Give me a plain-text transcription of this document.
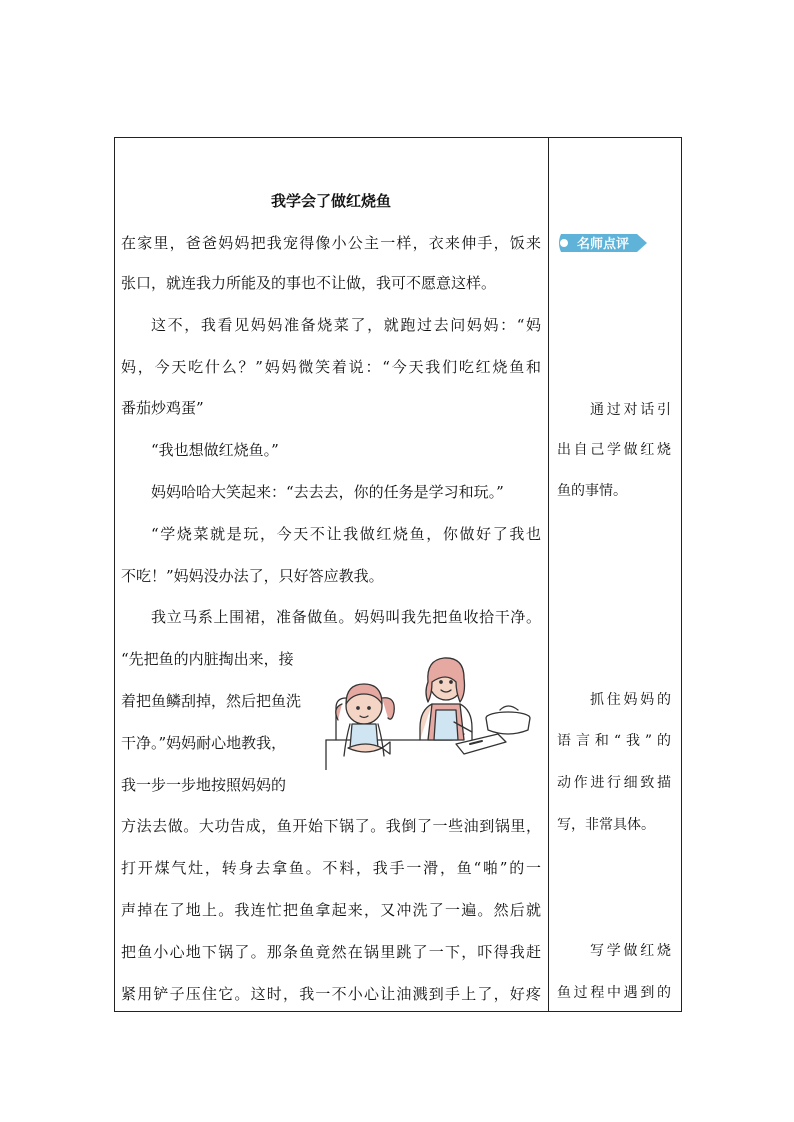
我学会了做红烧鱼
在家里，爸爸妈妈把我宠得像小公主一样，衣来伸手，饭来
张口，就连我力所能及的事也不让做，我可不愿意这样。
这不，我看见妈妈准备烧菜了，就跑过去问妈妈：“妈
妈，今天吃什么？”妈妈微笑着说：“今天我们吃红烧鱼和
番茄炒鸡蛋”
“我也想做红烧鱼。”
妈妈哈哈大笑起来：“去去去，你的任务是学习和玩。”
“学烧菜就是玩，今天不让我做红烧鱼，你做好了我也
不吃！”妈妈没办法了，只好答应教我。
我立马系上围裙，准备做鱼。妈妈叫我先把鱼收拾干净。
“先把鱼的内脏掏出来，接
着把鱼鳞刮掉，然后把鱼洗
干净。”妈妈耐心地教我，
我一步一步地按照妈妈的
方法去做。大功告成，鱼开始下锅了。我倒了一些油到锅里，
打开煤气灶，转身去拿鱼。不料，我手一滑，鱼“啪”的一
声掉在了地上。我连忙把鱼拿起来，又冲洗了一遍。然后就
把鱼小心地下锅了。那条鱼竟然在锅里跳了一下，吓得我赶
紧用铲子压住它。这时，我一不小心让油溅到手上了，好疼
名师点评
通过对话引
出自己学做红烧
鱼的事情。
抓住妈妈的
语言和“我”的
动作进行细致描
写，非常具体。
写学做红烧
鱼过程中遇到的
